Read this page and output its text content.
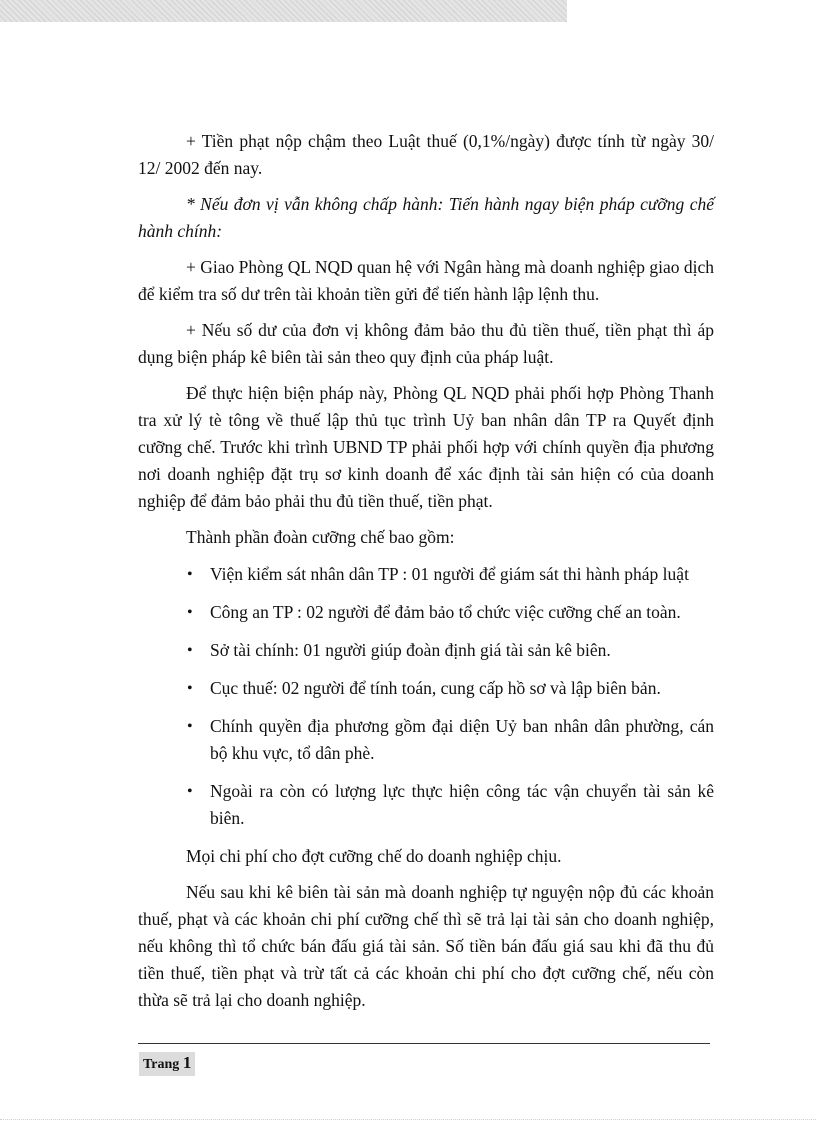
+ Tiền phạt nộp chậm theo Luật thuế (0,1%/ngày) được tính từ ngày 30/ 12/ 2002 đến nay.

* Nếu đơn vị vẫn không chấp hành: Tiến hành ngay biện pháp cưỡng chế hành chính:

+ Giao Phòng QL NQD quan hệ với Ngân hàng mà doanh nghiệp giao dịch để kiểm tra số dư trên tài khoản tiền gửi để tiến hành lập lệnh thu.

+ Nếu số dư của đơn vị không đảm bảo thu đủ tiền thuế, tiền phạt thì áp dụng biện pháp kê biên tài sản theo quy định của pháp luật.

Để thực hiện biện pháp này, Phòng QL NQD phải phối hợp Phòng Thanh tra xử lý tè tông về thuế lập thủ tục trình Uỷ ban nhân dân TP ra Quyết định cưỡng chế. Trước khi trình UBND TP phải phối hợp với chính quyền địa phương nơi doanh nghiệp đặt trụ sơ kinh doanh để xác định tài sản hiện có của doanh nghiệp để đảm bảo phải thu đủ tiền thuế, tiền phạt.

Thành phần đoàn cưỡng chế bao gồm:

• Viện kiểm sát nhân dân TP : 01 người để giám sát thi hành pháp luật
• Công an TP : 02 người để đảm bảo tổ chức việc cưỡng chế an toàn.
• Sở tài chính: 01 người giúp đoàn định giá tài sản kê biên.
• Cục thuế: 02 người để tính toán, cung cấp hồ sơ và lập biên bản.
• Chính quyền địa phương gồm đại diện Uỷ ban nhân dân phường, cán bộ khu vực, tổ dân phè.
• Ngoài ra còn có lượng lực thực hiện công tác vận chuyển tài sản kê biên.

Mọi chi phí cho đợt cưỡng chế do doanh nghiệp chịu.

Nếu sau khi kê biên tài sản mà doanh nghiệp tự nguyện nộp đủ các khoản thuế, phạt và các khoản chi phí cưỡng chế thì sẽ trả lại tài sản cho doanh nghiệp, nếu không thì tổ chức bán đấu giá tài sản. Số tiền bán đấu giá sau khi đã thu đủ tiền thuế, tiền phạt và trừ tất cả các khoản chi phí cho đợt cưỡng chế, nếu còn thừa sẽ trả lại cho doanh nghiệp.

Trang 1
